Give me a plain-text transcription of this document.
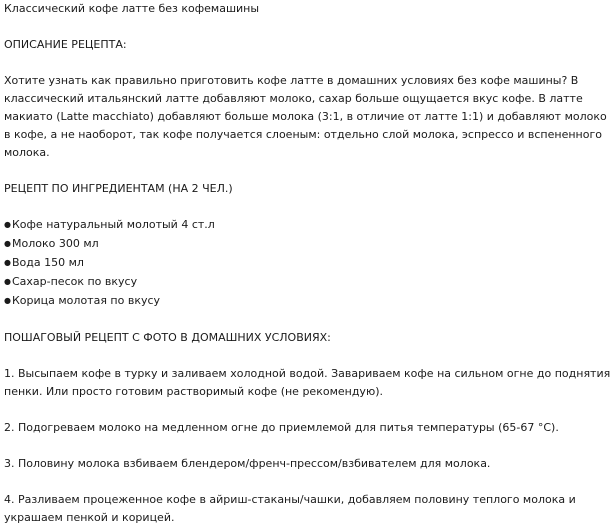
Классический кофе латте без кофемашины
ОПИСАНИЕ РЕЦЕПТА:
Хотите узнать как правильно приготовить кофе латте в домашних условиях без кофе машины? В
классический итальянский латте добавляют молоко, сахар больше ощущается вкус кофе. В латте
макиато (Latte macchiato) добавляют больше молока (3:1, в отличие от латте 1:1) и добавляют молоко
в кофе, а не наоборот, так кофе получается слоеным: отдельно слой молока, эспрессо и вспененного
молока.
РЕЦЕПТ ПО ИНГРЕДИЕНТАМ (НА 2 ЧЕЛ.)
● Кофе натуральный молотый 4 ст.л
● Молоко 300 мл
● Вода 150 мл
● Сахар-песок по вкусу
● Корица молотая по вкусу
ПОШАГОВЫЙ РЕЦЕПТ С ФОТО В ДОМАШНИХ УСЛОВИЯХ:
1. Высыпаем кофе в турку и заливаем холодной водой. Завариваем кофе на сильном огне до поднятия
пенки. Или просто готовим растворимый кофе (не рекомендую).
2. Подогреваем молоко на медленном огне до приемлемой для питья температуры (65-67 °C).
3. Половину молока взбиваем блендером/френч-прессом/взбивателем для молока.
4. Разливаем процеженное кофе в айриш-стаканы/чашки, добавляем половину теплого молока и
украшаем пенкой и корицей.
